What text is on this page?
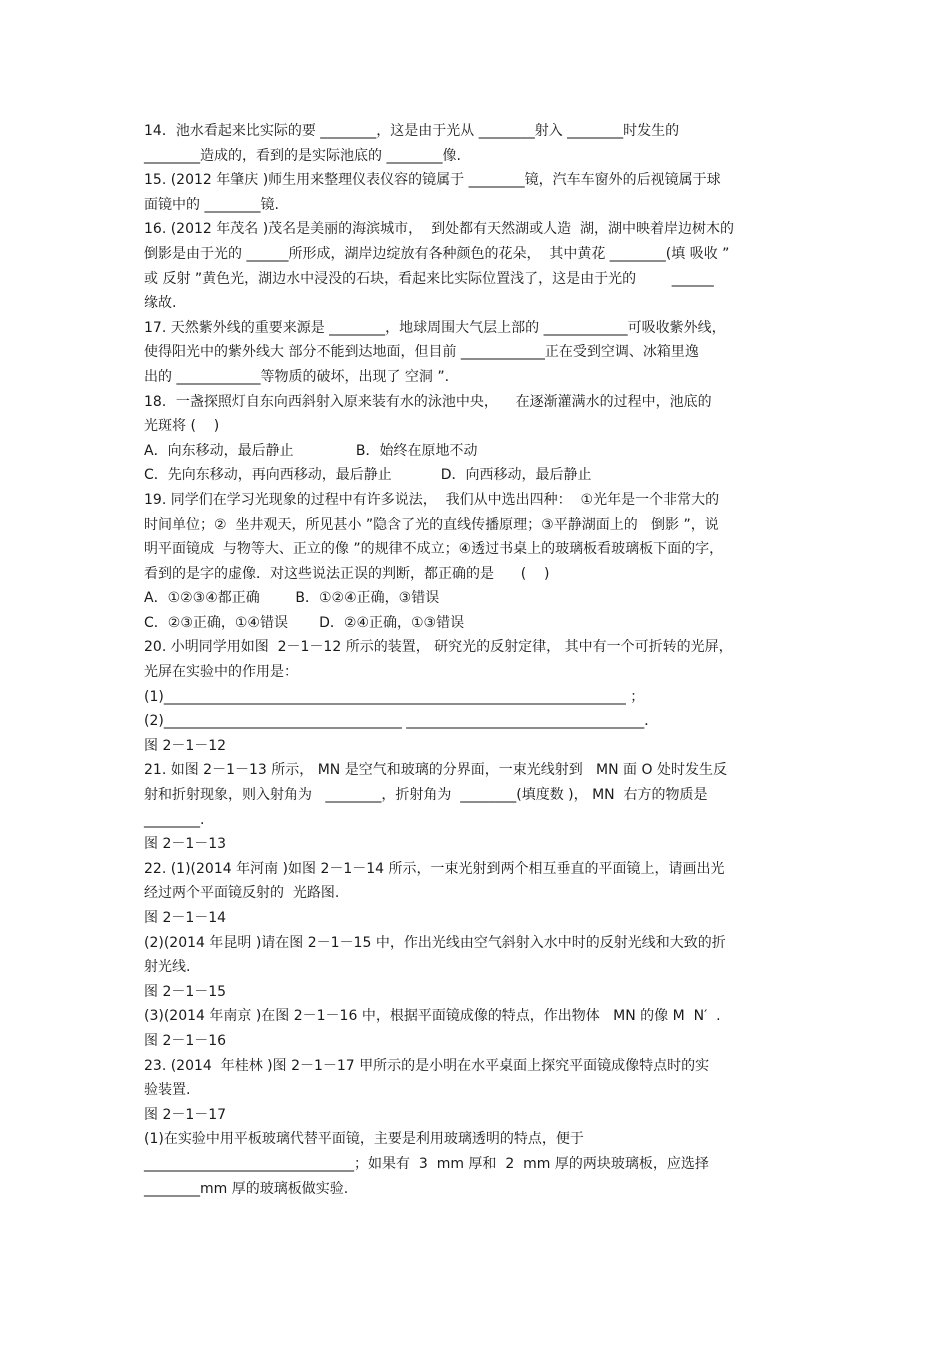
14．池水看起来比实际的要 ________，这是由于光从 ________射入 ________时发生的
________造成的，看到的是实际池底的 ________像.
15. (2012 年肇庆 )师生用来整理仪表仪容的镜属于 ________镜，汽车车窗外的后视镜属于球
面镜中的 ________镜.
16. (2012 年茂名 )茂名是美丽的海滨城市，  到处都有天然湖或人造  湖，湖中映着岸边树木的
倒影是由于光的 ______所形成，湖岸边绽放有各种颜色的花朵，  其中黄花 ________(填 吸收 ”
或 反射 ”黄色光，湖边水中浸没的石块，看起来比实际位置浅了，这是由于光的        ______
缘故.
17. 天然紫外线的重要来源是 ________，地球周围大气层上部的 ____________可吸收紫外线，
使得阳光中的紫外线大 部分不能到达地面，但目前 ____________正在受到空调、冰箱里逸
出的 ____________等物质的破坏，出现了 空洞 ”.
18．一盏探照灯自东向西斜射入原来装有水的泳池中央，    在逐渐灌满水的过程中，池底的
光斑将 (    )
A．向东移动，最后静止              B．始终在原地不动
C．先向东移动，再向西移动，最后静止           D．向西移动，最后静止
19. 同学们在学习光现象的过程中有许多说法，  我们从中选出四种：  ①光年是一个非常大的
时间单位；②  坐井观天，所见甚小 ”隐含了光的直线传播原理；③平静湖面上的   倒影 ”，说
明平面镜成  与物等大、正立的像 ”的规律不成立；④透过书桌上的玻璃板看玻璃板下面的字，
看到的是字的虚像．对这些说法正误的判断，都正确的是      (    )
A．①②③④都正确        B．①②④正确，③错误
C．②③正确，①④错误       D．②④正确，①③错误
20. 小明同学用如图  2－1－12 所示的装置， 研究光的反射定律， 其中有一个可折转的光屏，
光屏在实验中的作用是：
(1)__________________________________________________________________ ；
(2)__________________________________ __________________________________．
图 2－1－12
21. 如图 2－1－13 所示， MN 是空气和玻璃的分界面，一束光线射到   MN 面 O 处时发生反
射和折射现象，则入射角为   ________，折射角为  ________(填度数 )， MN  右方的物质是
________.
图 2－1－13
22. (1)(2014 年河南 )如图 2－1－14 所示，一束光射到两个相互垂直的平面镜上，请画出光
经过两个平面镜反射的  光路图.
图 2－1－14
(2)(2014 年昆明 )请在图 2－1－15 中，作出光线由空气斜射入水中时的反射光线和大致的折
射光线.
图 2－1－15
(3)(2014 年南京 )在图 2－1－16 中，根据平面镜成像的特点，作出物体   MN 的像 M  N′  .
图 2－1－16
23. (2014  年桂林 )图 2－1－17 甲所示的是小明在水平桌面上探究平面镜成像特点时的实
验装置.
图 2－1－17
(1)在实验中用平板玻璃代替平面镜，主要是利用玻璃透明的特点，便于
______________________________；如果有  3  mm 厚和  2  mm 厚的两块玻璃板，应选择
________mm 厚的玻璃板做实验.
